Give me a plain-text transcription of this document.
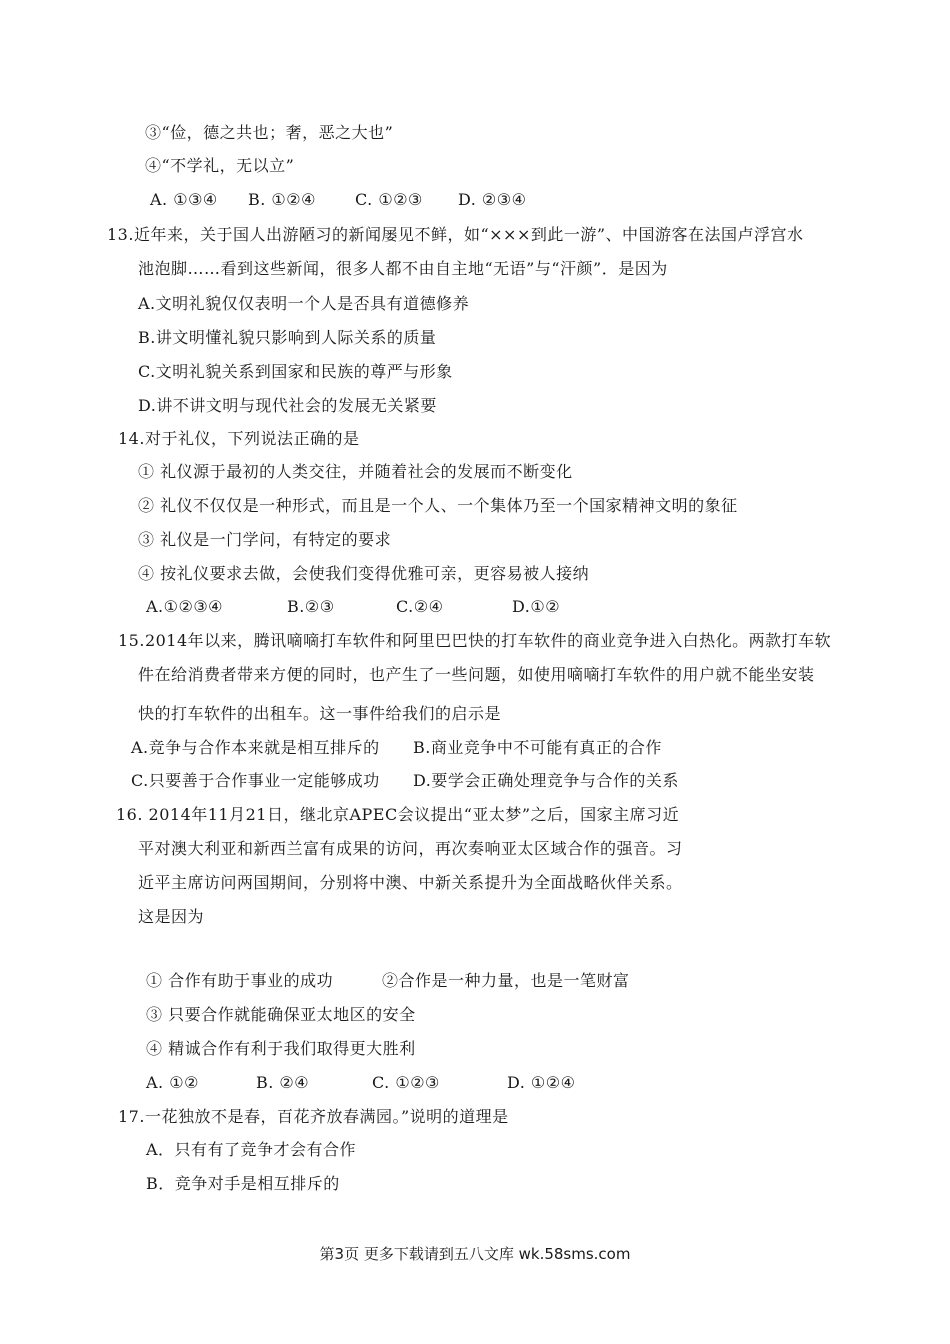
③“俭，德之共也；奢，恶之大也”
④“不学礼，无以立”
A. ①③④ B. ①②④ C. ①②③ D. ②③④
13.近年来，关于国人出游陋习的新闻屡见不鲜，如“×××到此一游”、中国游客在法国卢浮宫水
池泡脚……看到这些新闻，很多人都不由自主地“无语”与“汗颜”．是因为
A.文明礼貌仅仅表明一个人是否具有道德修养
B.讲文明懂礼貌只影响到人际关系的质量
C.文明礼貌关系到国家和民族的尊严与形象
D.讲不讲文明与现代社会的发展无关紧要
14.对于礼仪，下列说法正确的是
① 礼仪源于最初的人类交往，并随着社会的发展而不断变化
② 礼仪不仅仅是一种形式，而且是一个人、一个集体乃至一个国家精神文明的象征
③ 礼仪是一门学问，有特定的要求
④ 按礼仪要求去做，会使我们变得优雅可亲，更容易被人接纳
A.①②③④	B.②③	C.②④	D.①②
15.2014年以来，腾讯嘀嘀打车软件和阿里巴巴快的打车软件的商业竞争进入白热化。两款打车软
件在给消费者带来方便的同时，也产生了一些问题，如使用嘀嘀打车软件的用户就不能坐安装
快的打车软件的出租车。这一事件给我们的启示是
A.竞争与合作本来就是相互排斥的 B.商业竞争中不可能有真正的合作
C.只要善于合作事业一定能够成功 D.要学会正确处理竞争与合作的关系
16. 2014年11月21日，继北京APEC会议提出“亚太梦”之后，国家主席习近
平对澳大利亚和新西兰富有成果的访问，再次奏响亚太区域合作的强音。习
近平主席访问两国期间，分别将中澳、中新关系提升为全面战略伙伴关系。
这是因为
① 合作有助于事业的成功	②合作是一种力量，也是一笔财富
③ 只要合作就能确保亚太地区的安全
④ 精诚合作有利于我们取得更大胜利
A. ①②	B. ②④	C. ①②③	D. ①②④
17.一花独放不是春，百花齐放春满园。”说明的道理是
A．只有有了竞争才会有合作
B．竞争对手是相互排斥的
第3页 更多下载请到五八文库 wk.58sms.com
